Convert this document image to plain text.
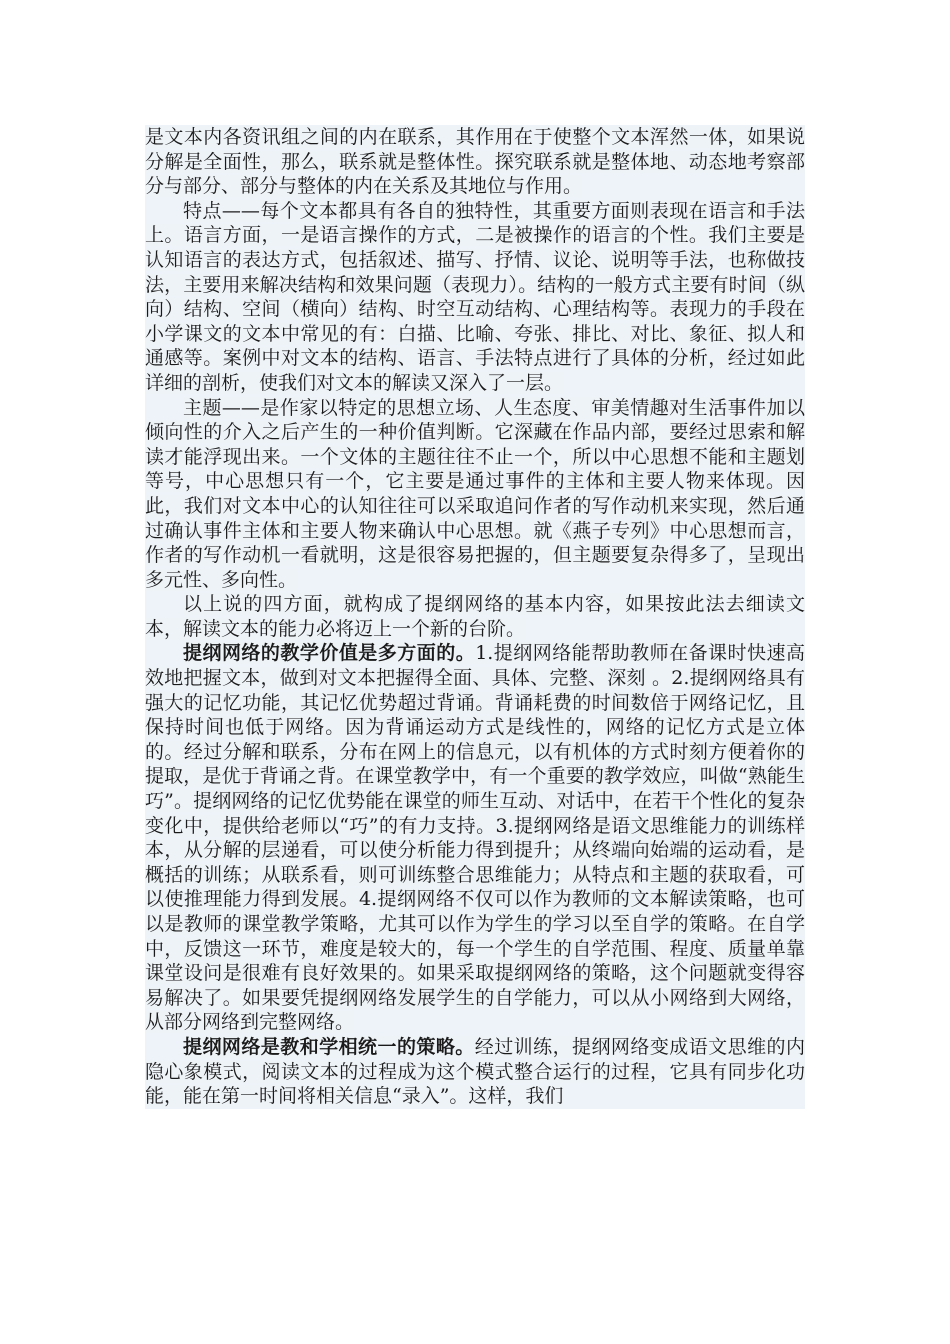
是文本内各资讯组之间的内在联系，其作用在于使整个文本浑然一体，如果说分解是全面性，那么，联系就是整体性。探究联系就是整体地、动态地考察部分与部分、部分与整体的内在关系及其地位与作用。

特点——每个文本都具有各自的独特性，其重要方面则表现在语言和手法上。语言方面，一是语言操作的方式，二是被操作的语言的个性。我们主要是认知语言的表达方式，包括叙述、描写、抒情、议论、说明等手法，也称做技法，主要用来解决结构和效果问题（表现力）。结构的一般方式主要有时间（纵向）结构、空间（横向）结构、时空互动结构、心理结构等。表现力的手段在小学课文的文本中常见的有：白描、比喻、夸张、排比、对比、象征、拟人和通感等。案例中对文本的结构、语言、手法特点进行了具体的分析，经过如此详细的剖析，使我们对文本的解读又深入了一层。

主题——是作家以特定的思想立场、人生态度、审美情趣对生活事件加以倾向性的介入之后产生的一种价值判断。它深藏在作品内部，要经过思索和解读才能浮现出来。一个文体的主题往往不止一个，所以中心思想不能和主题划等号，中心思想只有一个，它主要是通过事件的主体和主要人物来体现。因此，我们对文本中心的认知往往可以采取追问作者的写作动机来实现，然后通过确认事件主体和主要人物来确认中心思想。就《燕子专列》中心思想而言，作者的写作动机一看就明，这是很容易把握的，但主题要复杂得多了，呈现出多元性、多向性。

以上说的四方面，就构成了提纲网络的基本内容，如果按此法去细读文本，解读文本的能力必将迈上一个新的台阶。

提纲网络的教学价值是多方面的。1.提纲网络能帮助教师在备课时快速高效地把握文本，做到对文本把握得全面、具体、完整、深刻 。2.提纲网络具有强大的记忆功能，其记忆优势超过背诵。背诵耗费的时间数倍于网络记忆，且保持时间也低于网络。因为背诵运动方式是线性的，网络的记忆方式是立体的。经过分解和联系，分布在网上的信息元，以有机体的方式时刻方便着你的提取，是优于背诵之背。在课堂教学中，有一个重要的教学效应，叫做“熟能生巧”。提纲网络的记忆优势能在课堂的师生互动、对话中，在若干个性化的复杂变化中，提供给老师以“巧”的有力支持。3.提纲网络是语文思维能力的训练样本，从分解的层递看，可以使分析能力得到提升；从终端向始端的运动看，是概括的训练；从联系看，则可训练整合思维能力；从特点和主题的获取看，可以使推理能力得到发展。4.提纲网络不仅可以作为教师的文本解读策略，也可以是教师的课堂教学策略，尤其可以作为学生的学习以至自学的策略。在自学中，反馈这一环节，难度是较大的，每一个学生的自学范围、程度、质量单靠课堂设问是很难有良好效果的。如果采取提纲网络的策略，这个问题就变得容易解决了。如果要凭提纲网络发展学生的自学能力，可以从小网络到大网络，从部分网络到完整网络。

提纲网络是教和学相统一的策略。经过训练，提纲网络变成语文思维的内隐心象模式，阅读文本的过程成为这个模式整合运行的过程，它具有同步化功能，能在第一时间将相关信息“录入”。这样，我们
